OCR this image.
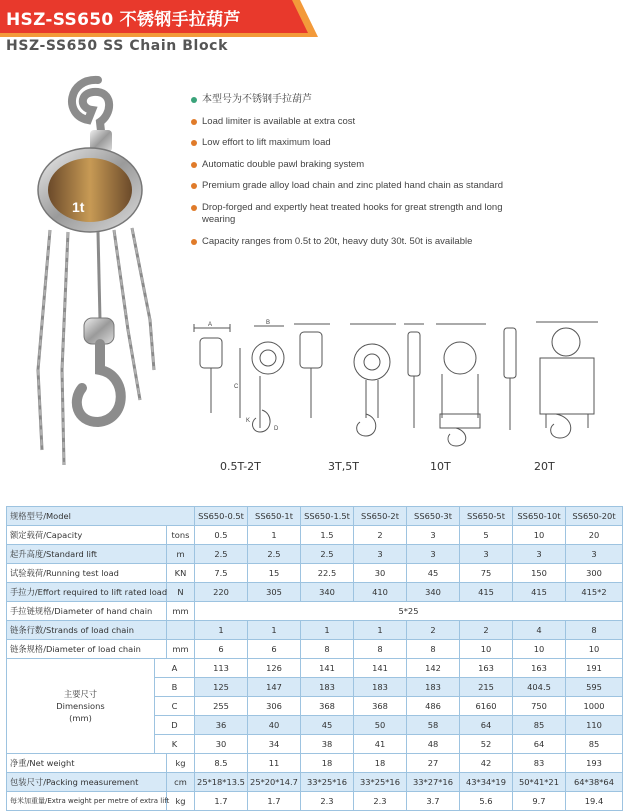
HSZ-SS650 不锈钢手拉葫芦
HSZ-SS650 SS Chain Block
1t
本型号为不锈钢手拉葫芦
Load limiter is available at extra cost
Low effort to lift maximum load
Automatic double pawl braking system
Premium grade alloy load chain and zinc plated hand chain as standard
Drop-forged and expertly heat treated hooks for great strength and long wearing
Capacity ranges from 0.5t to 20t, heavy duty 30t. 50t is available
A	B
C
D
K
0.5T-2T	3T,5T	10T	20T
规格型号/Model			SS650-0.5t	SS650-1t	SS650-1.5t	SS650-2t	SS650-3t	SS650-5t	SS650-10t	SS650-20t
额定载荷/Capacity		tons	0.5	1	1.5	2	3	5	10	20
起升高度/Standard lift		m	2.5	2.5	2.5	3	3	3	3	3
试验载荷/Running test load		KN	7.5	15	22.5	30	45	75	150	300
手拉力/Effort required to lift rated load		N	220	305	340	410	340	415	415	415*2
手拉链规格/Diameter of hand chain		mm	5*25							
链条行数/Strands of load chain			1	1	1	1	2	2	4	8
链条规格/Diameter of load chain		mm	6	6	8	8	8	10	10	10

主要尺寸
Dimensions
(mm)	A		113	126	141	141	142	163	163	191
	B		125	147	183	183	183	215	404.5	595
	C		255	306	368	368	486	6160	750	1000
	D		36	40	45	50	58	64	85	110
	K		30	34	38	41	48	52	64	85
净重/Net weight		kg	8.5	11	18	18	27	42	83	193
包装尺寸/Packing measurement		cm	25*18*13.5	25*20*14.7	33*25*16	33*25*16	33*27*16	43*34*19	50*41*21	64*38*64
每米加重量/Extra weight per metre of extra lift		kg	1.7	1.7	2.3	2.3	3.7	5.6	9.7	19.4
